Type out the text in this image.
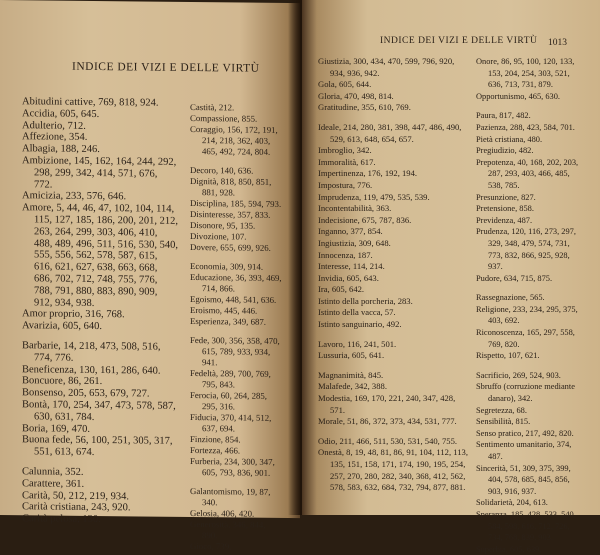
INDICE DEI VIZI E DELLE VIRTÙ
Abitudini cattive, 769, 818, 924.
Accidia, 605, 645.
Adulterio, 712.
Affezione, 354.
Albagia, 188, 246.
Ambizione, 145, 162, 164, 244, 292, 298, 299, 342, 414, 571, 676, 772.
Amicizia, 233, 576, 646.
Amore, 5, 44, 46, 47, 102, 104, 114, 115, 127, 185, 186, 200, 201, 212, 263, 264, 299, 303, 406, 410, 488, 489, 496, 511, 516, 530, 540, 555, 556, 562, 578, 587, 615, 616, 621, 627, 638, 663, 668, 686, 702, 712, 748, 755, 776, 788, 791, 880, 883, 890, 909, 912, 934, 938.
Amor proprio, 316, 768.
Avarizia, 605, 640.
Barbarie, 14, 218, 473, 508, 516, 774, 776.
Beneficenza, 130, 161, 286, 640.
Boncuore, 86, 261.
Bonsenso, 205, 653, 679, 727.
Bontà, 170, 254, 347, 473, 578, 587, 630, 631, 784.
Boria, 169, 470.
Buona fede, 56, 100, 251, 305, 317, 551, 613, 674.
Calunnia, 352.
Carattere, 361.
Carità, 50, 212, 219, 934.
Carità cristiana, 243, 920.
Carità pelosa, 130.
Castità, 212.
Compassione, 855.
Coraggio, 156, 172, 191, 214, 218, 362, 403, 465, 492, 724, 804.
Decoro, 140, 636.
Dignità, 818, 850, 851, 881, 928.
Disciplina, 185, 594, 793.
Disinteresse, 357, 833.
Disonore, 95, 135.
Divozione, 107.
Dovere, 655, 699, 926.
Economia, 309, 914.
Educazione, 36, 393, 469, 714, 866.
Egoismo, 448, 541, 636.
Eroismo, 445, 446.
Esperienza, 349, 687.
Fede, 300, 356, 358, 470, 615, 789, 933, 934, 941.
Fedeltà, 289, 700, 769, 795, 843.
Ferocia, 60, 264, 285, 295, 316.
Fiducia, 370, 414, 512, 637, 694.
Finzione, 854.
Fortezza, 466.
Furberia, 234, 300, 347, 605, 793, 836, 901.
Galantomismo, 19, 87, 340.
Gelosia, 406, 420.
Generosità, 346, 844, 890.
Gioco, 739.
INDICE DEI VIZI E DELLE VIRTÙ 1013
Giustizia, 300, 434, 470, 599, 796, 920, 934, 936, 942.
Gola, 605, 644.
Gloria, 470, 498, 814.
Gratitudine, 355, 610, 769.
Ideale, 214, 280, 381, 398, 447, 486, 490, 529, 613, 648, 654, 657.
Imbroglio, 342.
Immoralità, 617.
Impertinenza, 176, 192, 194.
Impostura, 776.
Imprudenza, 119, 479, 535, 539.
Incontentabilità, 363.
Indecisione, 675, 787, 836.
Inganno, 377, 854.
Ingiustizia, 309, 648.
Innocenza, 187.
Interesse, 114, 214.
Invidia, 605, 643.
Ira, 605, 642.
Istinto della porcheria, 283.
Istinto della vacca, 57.
Istinto sanguinario, 492.
Lavoro, 116, 241, 501.
Lussuria, 605, 641.
Magnanimità, 845.
Malafede, 342, 388.
Modestia, 169, 170, 221, 240, 347, 428, 571.
Morale, 51, 86, 372, 373, 434, 531, 777.
Odio, 211, 466, 511, 530, 531, 540, 755.
Onestà, 8, 19, 48, 81, 86, 91, 104, 112, 113, 135, 151, 158, 171, 174, 190, 195, 254, 257, 270, 280, 282, 340, 368, 412, 562, 578, 583, 632, 684, 732, 794, 877, 881.
Onore, 86, 95, 100, 120, 133, 153, 204, 254, 303, 521, 636, 713, 731, 879.
Opportunismo, 465, 630.
Paura, 817, 482.
Pazienza, 288, 423, 584, 701.
Pietà cristiana, 480.
Pregiudizio, 482.
Prepotenza, 40, 168, 202, 203, 287, 293, 403, 466, 485, 538, 785.
Presunzione, 827.
Pretensione, 858.
Previdenza, 487.
Prudenza, 120, 116, 273, 297, 329, 348, 479, 574, 731, 773, 832, 866, 925, 928, 937.
Pudore, 634, 715, 875.
Rassegnazione, 565.
Religione, 233, 234, 295, 375, 403, 692.
Riconoscenza, 165, 297, 558, 769, 820.
Rispetto, 107, 621.
Sacrificio, 269, 524, 903.
Sbruffo (corruzione mediante danaro), 342.
Segretezza, 68.
Sensibilità, 815.
Senso pratico, 217, 492, 820.
Sentimento umanitario, 374, 487.
Sincerità, 51, 309, 375, 399, 404, 578, 685, 845, 856, 903, 916, 937.
Solidarietà, 204, 613.
Speranza, 185, 428, 533, 540, 584, 598, 616, 712, 726, 734, 768, 839, 903.
Superbia, 605, 639.
